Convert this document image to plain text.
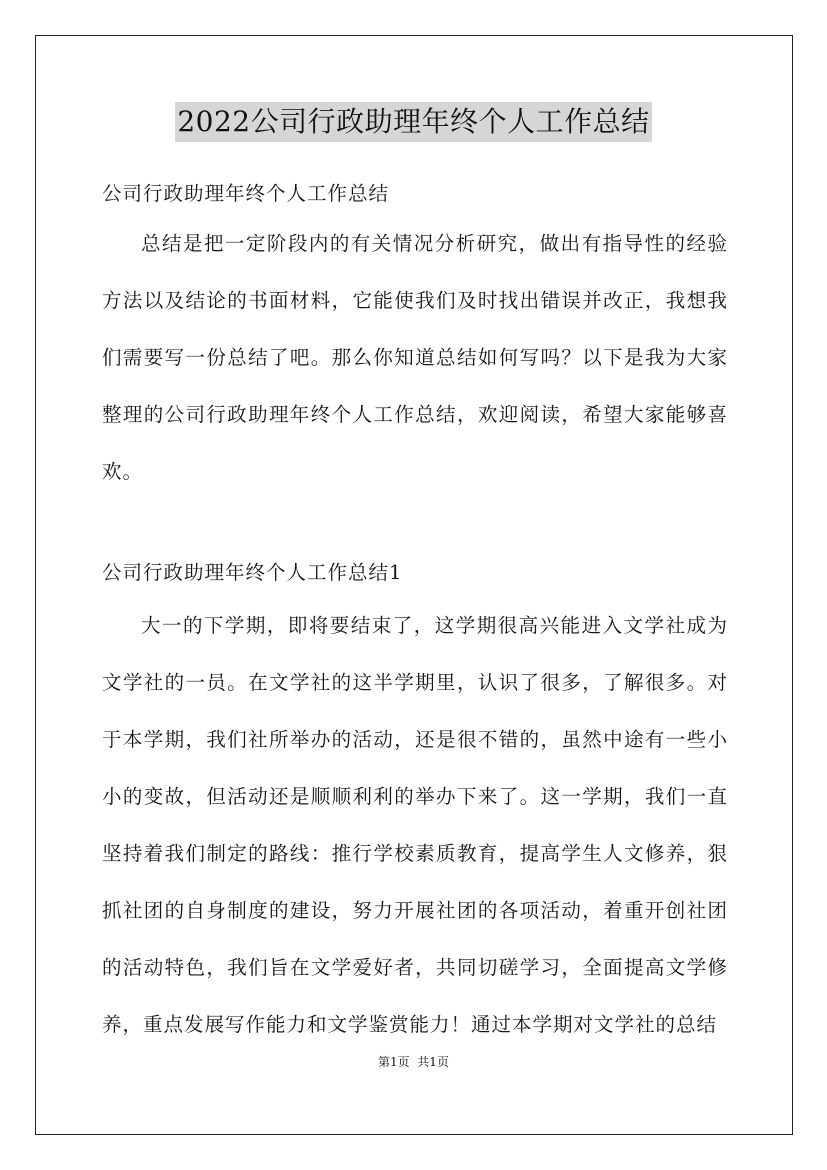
2022公司行政助理年终个人工作总结
公司行政助理年终个人工作总结

总结是把一定阶段内的有关情况分析研究，做出有指导性的经验方法以及结论的书面材料，它能使我们及时找出错误并改正，我想我们需要写一份总结了吧。那么你知道总结如何写吗？以下是我为大家整理的公司行政助理年终个人工作总结，欢迎阅读，希望大家能够喜欢。

公司行政助理年终个人工作总结1

大一的下学期，即将要结束了，这学期很高兴能进入文学社成为文学社的一员。在文学社的这半学期里，认识了很多，了解很多。对于本学期，我们社所举办的活动，还是很不错的，虽然中途有一些小小的变故，但活动还是顺顺利利的举办下来了。这一学期，我们一直坚持着我们制定的路线：推行学校素质教育，提高学生人文修养，狠抓社团的自身制度的建设，努力开展社团的各项活动，着重开创社团的活动特色，我们旨在文学爱好者，共同切磋学习，全面提高文学修养，重点发展写作能力和文学鉴赏能力！通过本学期对文学社的总结

第1页  共1页
